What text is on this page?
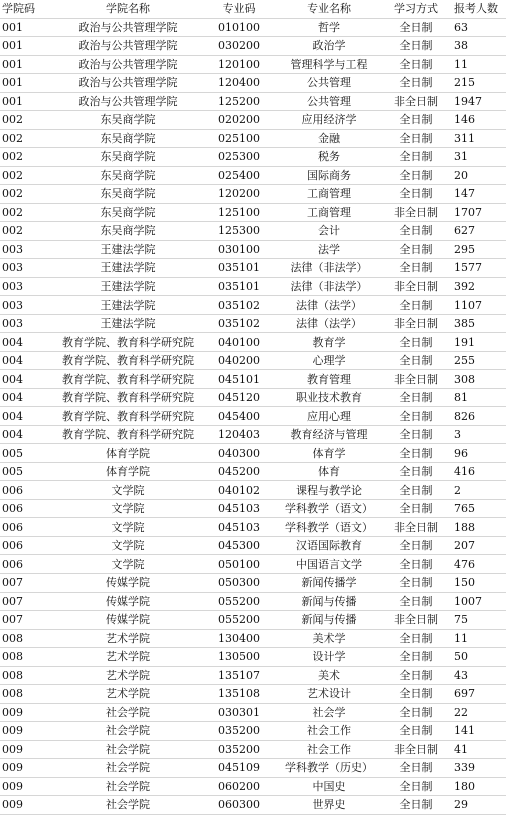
学院码	学院名称	专业码	专业名称	学习方式	报考人数
001	政治与公共管理学院	010100	哲学	全日制	63
001	政治与公共管理学院	030200	政治学	全日制	38
001	政治与公共管理学院	120100	管理科学与工程	全日制	11
001	政治与公共管理学院	120400	公共管理	全日制	215
001	政治与公共管理学院	125200	公共管理	非全日制	1947
002	东吴商学院	020200	应用经济学	全日制	146
002	东吴商学院	025100	金融	全日制	311
002	东吴商学院	025300	税务	全日制	31
002	东吴商学院	025400	国际商务	全日制	20
002	东吴商学院	120200	工商管理	全日制	147
002	东吴商学院	125100	工商管理	非全日制	1707
002	东吴商学院	125300	会计	全日制	627
003	王建法学院	030100	法学	全日制	295
003	王建法学院	035101	法律（非法学）	全日制	1577
003	王建法学院	035101	法律（非法学）	非全日制	392
003	王建法学院	035102	法律（法学）	全日制	1107
003	王建法学院	035102	法律（法学）	非全日制	385
004	教育学院、教育科学研究院	040100	教育学	全日制	191
004	教育学院、教育科学研究院	040200	心理学	全日制	255
004	教育学院、教育科学研究院	045101	教育管理	非全日制	308
004	教育学院、教育科学研究院	045120	职业技术教育	全日制	81
004	教育学院、教育科学研究院	045400	应用心理	全日制	826
004	教育学院、教育科学研究院	120403	教育经济与管理	全日制	3
005	体育学院	040300	体育学	全日制	96
005	体育学院	045200	体育	全日制	416
006	文学院	040102	课程与教学论	全日制	2
006	文学院	045103	学科教学（语文）	全日制	765
006	文学院	045103	学科教学（语文）	非全日制	188
006	文学院	045300	汉语国际教育	全日制	207
006	文学院	050100	中国语言文学	全日制	476
007	传媒学院	050300	新闻传播学	全日制	150
007	传媒学院	055200	新闻与传播	全日制	1007
007	传媒学院	055200	新闻与传播	非全日制	75
008	艺术学院	130400	美术学	全日制	11
008	艺术学院	130500	设计学	全日制	50
008	艺术学院	135107	美术	全日制	43
008	艺术学院	135108	艺术设计	全日制	697
009	社会学院	030301	社会学	全日制	22
009	社会学院	035200	社会工作	全日制	141
009	社会学院	035200	社会工作	非全日制	41
009	社会学院	045109	学科教学（历史）	全日制	339
009	社会学院	060200	中国史	全日制	180
009	社会学院	060300	世界史	全日制	29
